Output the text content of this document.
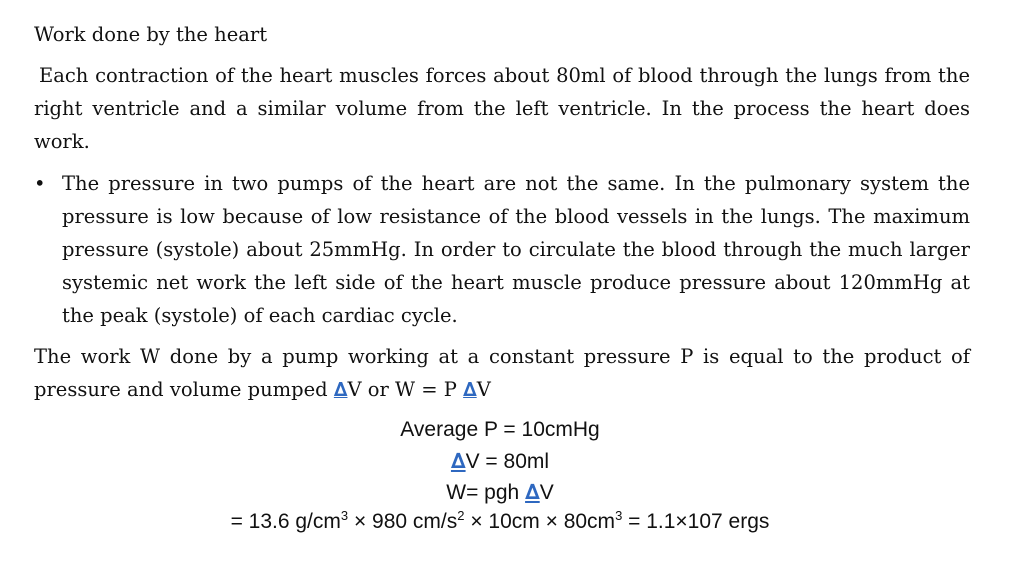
Work done by the heart
Each contraction of the heart muscles forces about 80ml of blood through the lungs from the right ventricle and a similar volume from the left ventricle. In the process the heart does work.
• The pressure in two pumps of the heart are not the same. In the pulmonary system the pressure is low because of low resistance of the blood vessels in the lungs. The maximum pressure (systole) about 25mmHg. In order to circulate the blood through the much larger systemic net work the left side of the heart muscle produce pressure about 120mmHg at the peak (systole) of each cardiac cycle.
The work W done by a pump working at a constant pressure P is equal to the product of pressure and volume pumped ∆V or W = P ∆V
Average P = 10cmHg
∆V = 80ml
W= pgh ∆V
= 13.6 $g/cm^3 \times 980$ $cm/s^2 \times 10cm \times 80cm^3 = 1.1\times 107$ ergs
